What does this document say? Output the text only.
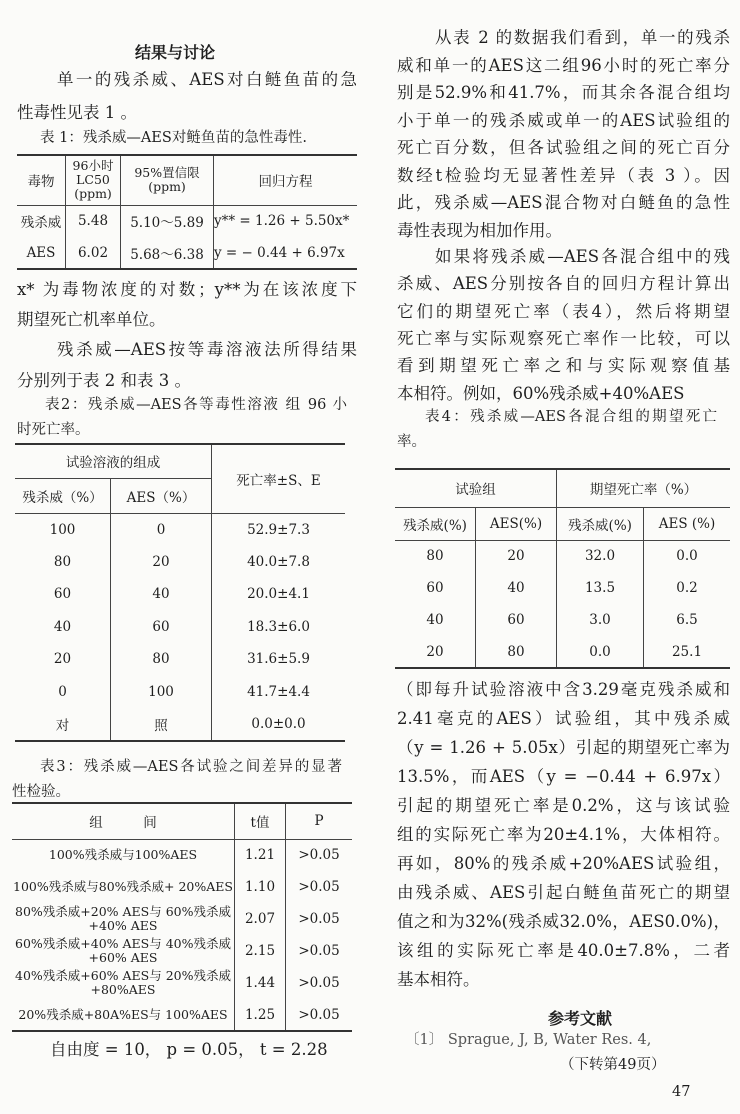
结果与讨论
表 1：残杀威—AES对鲢鱼苗的急性毒性.
毒物	96小时 LC50 (ppm)	95%置信限 (ppm)	回归方程
残杀威	5.48	5.10～5.89	y** = 1.26 + 5.50x*
AES	6.02	5.68～6.38	y = − 0.44 + 6.97x
试验溶液的组成		死亡率±S、E
残杀威（%）	AES（%）	
100	0	52.9±7.3
80	20	40.0±7.8
60	40	20.0±4.1
40	60	18.3±6.0
20	80	31.6±5.9
0	100	41.7±4.4
对	照	0.0±0.0
组　　　间	t值	P
100%残杀威与100%AES	1.21	>0.05
100%残杀威与80%残杀威+ 20%AES	1.10	>0.05
80%残杀威+20% AES与 60%残杀威+40% AES	2.07	>0.05
60%残杀威+40% AES与 40%残杀威+60% AES	2.15	>0.05
40%残杀威+60% AES与 20%残杀威+80%AES	1.44	>0.05
20%残杀威+80A%ES与 100%AES	1.25	>0.05
自由度 = 10， p = 0.05， t = 2.28
试验组		期望死亡率（%）	
残杀威(%)	AES(%)	残杀威(%)	AES (%)
80	20	32.0	0.0
60	40	13.5	0.2
40	60	3.0	6.5
20	80	0.0	25.1
参考文献
〔1〕 Sprague, J, B, Water Res. 4,
（下转第49页）
47
单一的残杀威、AES对白鲢鱼苗的急
性毒性见表 1 。
x* 为毒物浓度的对数；y**为在该浓度下
期望死亡机率单位。
残杀威—AES按等毒溶液法所得结果
分别列于表 2 和表 3 。
表2：残杀威—AES各等毒性溶液 组 96 小
时死亡率。
表3：残杀威—AES各试验之间差异的显著
性检验。
从表 2 的数据我们看到，单一的残杀
威和单一的AES这二组96小时的死亡率分
别是52.9%和41.7%，而其余各混合组均
小于单一的残杀威或单一的AES试验组的
死亡百分数，但各试验组之间的死亡百分
数经t检验均无显著性差异（表 3 ）。因
此，残杀威—AES混合物对白鲢鱼的急性
毒性表现为相加作用。
如果将残杀威—AES各混合组中的残
杀威、AES分别按各自的回归方程计算出
它们的期望死亡率（表4），然后将期望
死亡率与实际观察死亡率作一比较，可以
看到期望死亡率之和与实际观察值基
本相符。例如，60%残杀威+40%AES
表4：残杀威—AES各混合组的期望死亡
率。
（即每升试验溶液中含3.29毫克残杀威和
2.41毫克的AES）试验组，其中残杀威
（y = 1.26 + 5.05x）引起的期望死亡率为
13.5%，而AES（y = −0.44 + 6.97x）
引起的期望死亡率是0.2%，这与该试验
组的实际死亡率为20±4.1%，大体相符。
再如，80%的残杀威+20%AES试验组，
由残杀威、AES引起白鲢鱼苗死亡的期望
值之和为32%(残杀威32.0%，AES0.0%)，
该组的实际死亡率是40.0±7.8%，二者
基本相符。
